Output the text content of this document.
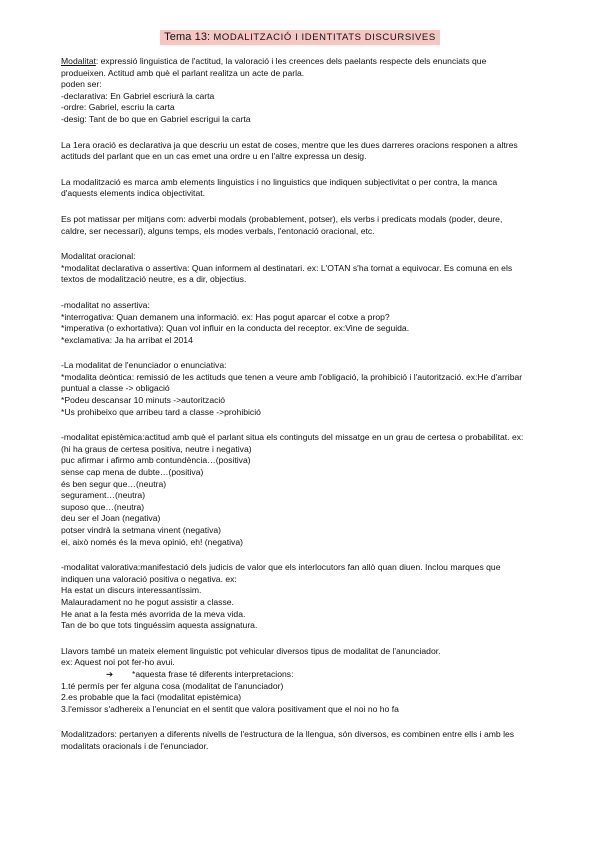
Tema 13: MODALITZACIÓ I IDENTITATS DISCURSIVES
Modalitat: expressió linguistica de l'actitud, la valoració i les creences dels paelants respecte dels enunciats que
produeixen. Actitud amb què el parlant realitza un acte de parla.
poden ser:
-declarativa: En Gabriel escriurà la carta
-ordre: Gabriel, escriu la carta
-desig: Tant de bo que en Gabriel escrigui la carta
La 1era oració es declarativa ja que descriu un estat de coses, mentre que les dues darreres oracions responen a altres
actituds del parlant que en un cas emet una ordre u en l'altre expressa un desig.
La modalització es marca amb elements linguistics i no linguistics que indiquen subjectivitat o per contra, la manca
d'aquests elements indica objectivitat.
Es pot matissar per mitjans com: adverbi modals (probablement, potser), els verbs i predicats modals (poder, deure,
caldre, ser necessari), alguns temps, els modes verbals, l'entonació oracional, etc.
Modalitat oracional:
*modalitat declarativa o assertiva: Quan informem al destinatari. ex: L'OTAN s'ha tornat a equivocar. Es comuna en els
textos de modalització neutre, es a dir, objectius.
-modalitat no assertiva:
*interrogativa: Quan demanem una informació. ex: Has pogut aparcar el cotxe a prop?
*imperativa (o exhortativa): Quan vol influir en la conducta del receptor. ex:Vine de seguida.
*exclamativa: Ja ha arribat el 2014
-La modalitat de l'enunciador o enunciativa:
*modalita deòntica: remissió de les actituds que tenen a veure amb l'obligació, la prohibició i l'autorització. ex:He d'arribar
puntual a classe -> obligació
*Podeu descansar 10 minuts ->autorització
*Us prohibeixo que arribeu tard a classe ->prohibició
-modalitat epistèmica:actitud amb què el parlant situa els continguts del missatge en un grau de certesa o probabilitat. ex:
(hi ha graus de certesa positiva, neutre i negativa)
puc afirmar i afirmo amb contundència…(positiva)
sense cap mena de dubte…(positiva)
és ben segur que…(neutra)
segurament…(neutra)
suposo que…(neutra)
deu ser el Joan (negativa)
potser vindrà la setmana vinent (negativa)
ei, això només és la meva opinió, eh! (negativa)
-modalitat valorativa:manifestació dels judicis de valor que els interlocutors fan allò quan diuen. Inclou marques que
indiquen una valoració positiva o negativa. ex:
Ha estat un discurs interessantíssim.
Malauradament no he pogut assistir a classe.
He anat a la festa més avorrida de la meva vida.
Tan de bo que tots tinguéssim aquesta assignatura.
Llavors també un mateix element linguistic pot vehicular diversos tipus de modalitat de l'anunciador.
ex: Aquest noi pot fer-ho avui.
➔ *aquesta frase té diferents interpretacions:
1.té permís per fer alguna cosa (modalitat de l'anunciador)
2.es probable que la faci (modalitat epistèmica)
3.l'emissor s'adhereix a l'enunciat en el sentit que valora positivament que el noi no ho fa
Modalitzadors: pertanyen a diferents nivells de l'estructura de la llengua, són diversos, es combinen entre ells i amb les
modalitats oracionals i de l'enunciador.
